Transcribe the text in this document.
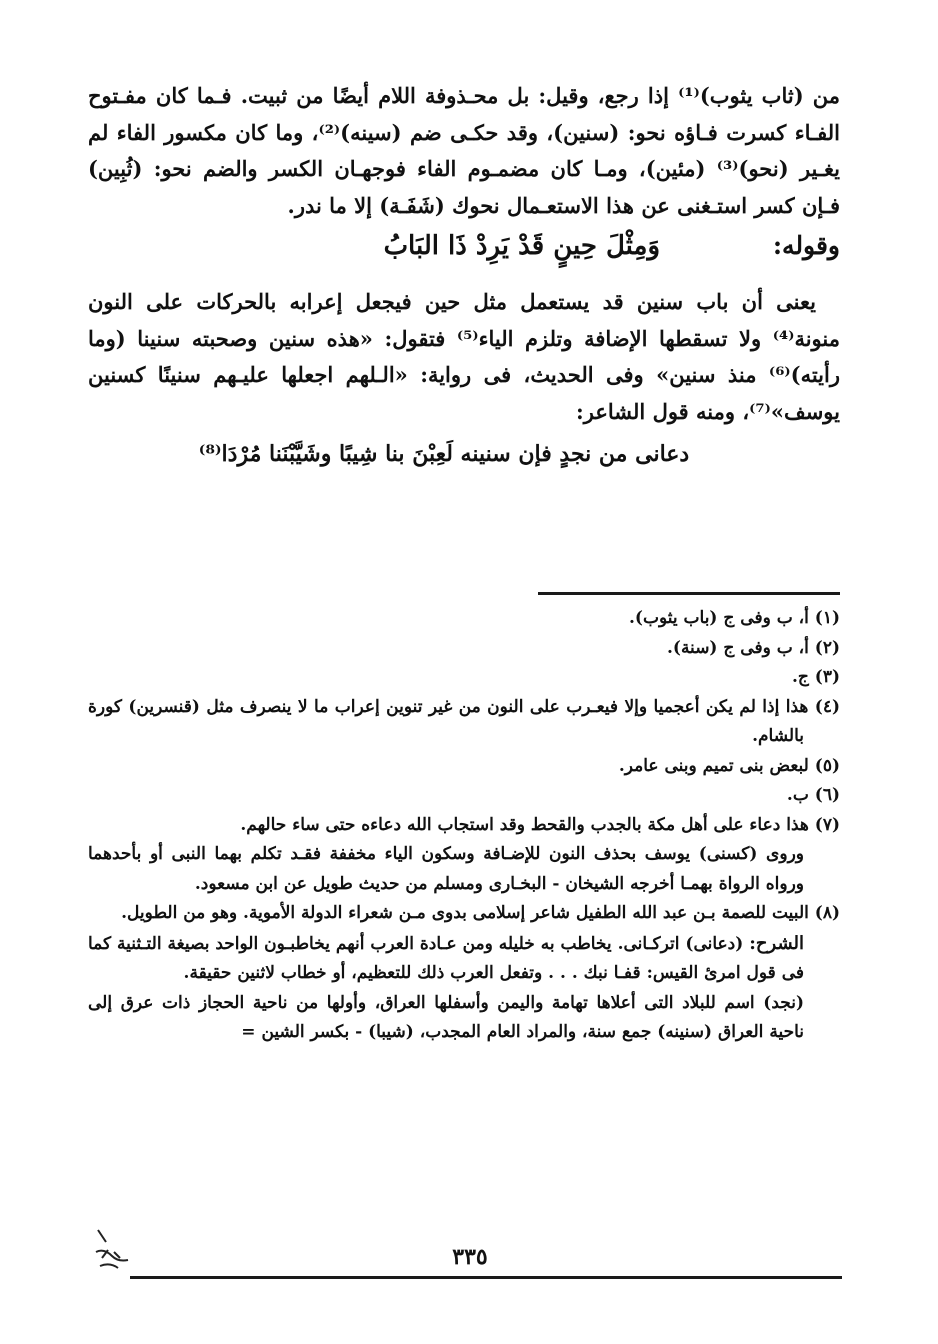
من (ثاب يثوب)⁽¹⁾ إذا رجع، وقيل: بل محـذوفة اللام أيضًا من ثبيت. فـما كان مفـتوح الفـاء كسرت فـاؤه نحو: (سنين)، وقد حكـى ضم (سينه)⁽²⁾، وما كان مكسور الفاء لم يغـير (نحو)⁽³⁾ (مئين)، ومـا كان مضمـوم الفاء فوجهـان الكسر والضم نحو: (ثُبِين) فـإن كسر استـغنى عن هذا الاستعـمال نحوك (شَفَـة) إلا ما ندر.

وقوله:
وَمِثْلَ حِينٍ قَدْ يَرِدْ ذَا البَابُ

يعنى أن باب سنين قد يستعمل مثل حين فيجعل إعرابه بالحركات على النون منونة⁽⁴⁾ ولا تسقطها الإضافة وتلزم الياء⁽⁵⁾ فتقول: «هذه سنين وصحبته سنينا (وما رأيته)⁽⁶⁾ منذ سنين» وفى الحديث، فى رواية: «الـلهم اجعلها عليـهم سنينًا كسنين يوسف»⁽⁷⁾، ومنه قول الشاعر:

دعانى من نجدٍ فإن سنينه لَعِبْنَ بنا شِيبًا وشَيَّبْنَنا مُرْدَا⁽⁸⁾

(١) أ، ب وفى ج (باب يثوب).

(٢) أ، ب وفى ج (سنة).

(٣) ج.

(٤) هذا إذا لم يكن أعجميا وإلا فيعـرب على النون من غير تنوين إعراب ما لا ينصرف مثل (قنسرين) كورة بالشام.

(٥) لبعض بنى تميم وبنى عامر.

(٦) ب.

(٧) هذا دعاء على أهل مكة بالجدب والقحط وقد استجاب الله دعاءه حتى ساء حالهم.

وروى (كسنى) يوسف بحذف النون للإضـافة وسكون الياء مخففة فقـد تكلم بهما النبى أو بأحدهما ورواه الرواة بهمـا أخرجه الشيخان - البخـارى ومسلم من حديث طويل عن ابن مسعود.

(٨) البيت للصمة بـن عبد الله الطفيل شاعر إسلامى بدوى مـن شعراء الدولة الأموية. وهو من الطويل.

الشرح: (دعانى) اتركـانى. يخاطب به خليله ومن عـادة العرب أنهم يخاطبـون الواحد بصيغة التـثنية كما فى قول امرئ القيس: قفـا نبك . . . وتفعل العرب ذلك للتعظيم، أو خطاب لاثنين حقيقة.

(نجد) اسم للبلاد التى أعلاها تهامة واليمن وأسفلها العراق، وأولها من ناحية الحجاز ذات عرق إلى ناحية العراق (سنينه) جمع سنة، والمراد العام المجدب، (شيبا) - بكسر الشين =

٣٣٥
